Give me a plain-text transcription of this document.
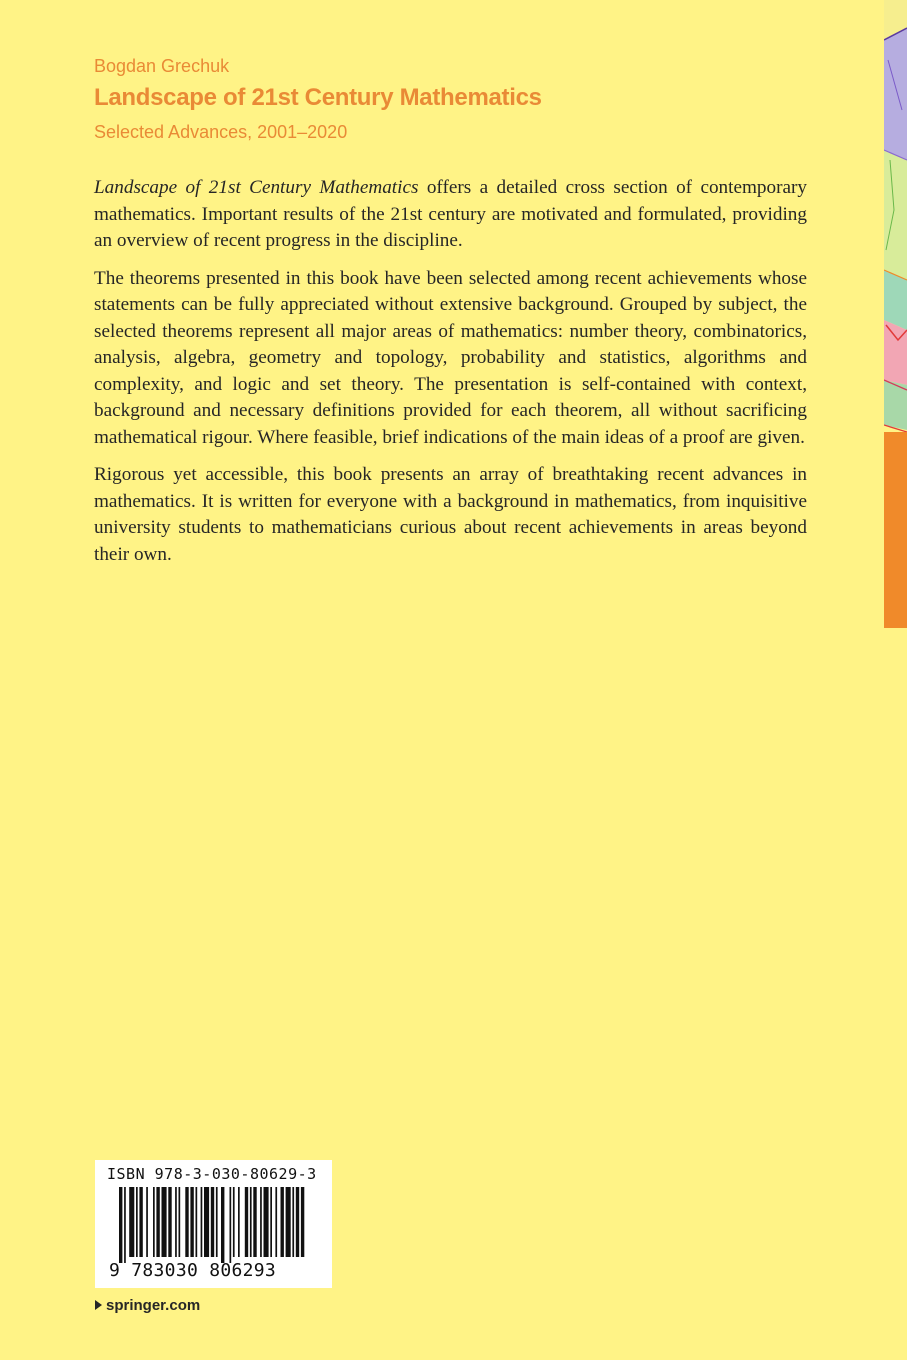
Bogdan Grechuk
Landscape of 21st Century Mathematics
Selected Advances, 2001–2020

Landscape of 21st Century Mathematics offers a detailed cross section of contemporary mathematics. Important results of the 21st century are motivated and formulated, providing an overview of recent progress in the discipline.

The theorems presented in this book have been selected among recent achievements whose statements can be fully appreciated without extensive background. Grouped by subject, the selected theorems represent all major areas of mathematics: number theory, combinatorics, analysis, algebra, geometry and topology, probability and statistics, algorithms and complexity, and logic and set theory. The presentation is self-contained with context, background and necessary definitions provided for each theorem, all without sacrificing mathematical rigour. Where feasible, brief indications of the main ideas of a proof are given.

Rigorous yet accessible, this book presents an array of breathtaking recent advances in mathematics. It is written for everyone with a background in mathematics, from inquisitive university students to mathematicians curious about recent achievements in areas beyond their own.

ISBN 978-3-030-80629-3
9 783030 806293
springer.com
